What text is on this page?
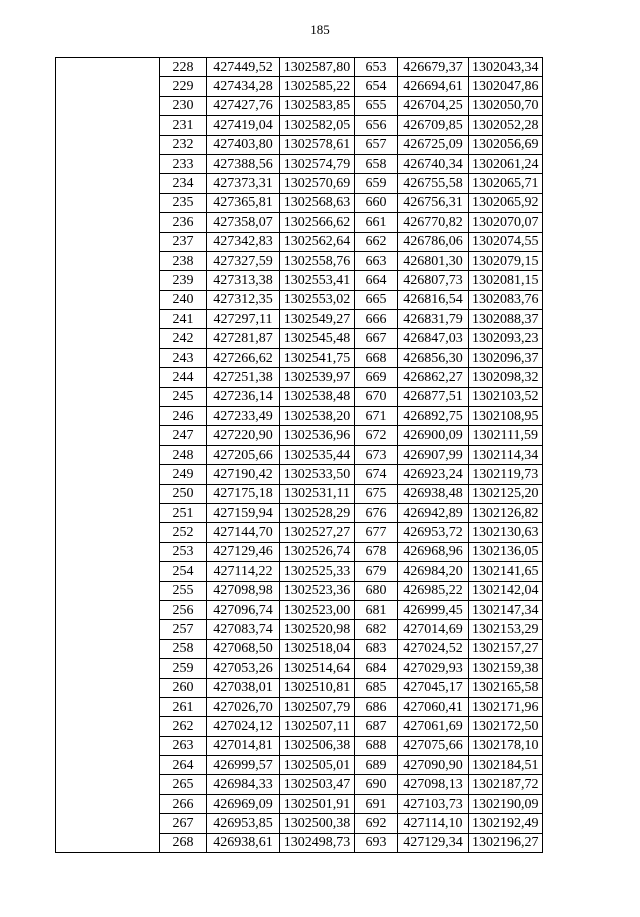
185
	228	427449,52	1302587,80	653	426679,37	1302043,34
	229	427434,28	1302585,22	654	426694,61	1302047,86
	230	427427,76	1302583,85	655	426704,25	1302050,70
	231	427419,04	1302582,05	656	426709,85	1302052,28
	232	427403,80	1302578,61	657	426725,09	1302056,69
	233	427388,56	1302574,79	658	426740,34	1302061,24
	234	427373,31	1302570,69	659	426755,58	1302065,71
	235	427365,81	1302568,63	660	426756,31	1302065,92
	236	427358,07	1302566,62	661	426770,82	1302070,07
	237	427342,83	1302562,64	662	426786,06	1302074,55
	238	427327,59	1302558,76	663	426801,30	1302079,15
	239	427313,38	1302553,41	664	426807,73	1302081,15
	240	427312,35	1302553,02	665	426816,54	1302083,76
	241	427297,11	1302549,27	666	426831,79	1302088,37
	242	427281,87	1302545,48	667	426847,03	1302093,23
	243	427266,62	1302541,75	668	426856,30	1302096,37
	244	427251,38	1302539,97	669	426862,27	1302098,32
	245	427236,14	1302538,48	670	426877,51	1302103,52
	246	427233,49	1302538,20	671	426892,75	1302108,95
	247	427220,90	1302536,96	672	426900,09	1302111,59
	248	427205,66	1302535,44	673	426907,99	1302114,34
	249	427190,42	1302533,50	674	426923,24	1302119,73
	250	427175,18	1302531,11	675	426938,48	1302125,20
	251	427159,94	1302528,29	676	426942,89	1302126,82
	252	427144,70	1302527,27	677	426953,72	1302130,63
	253	427129,46	1302526,74	678	426968,96	1302136,05
	254	427114,22	1302525,33	679	426984,20	1302141,65
	255	427098,98	1302523,36	680	426985,22	1302142,04
	256	427096,74	1302523,00	681	426999,45	1302147,34
	257	427083,74	1302520,98	682	427014,69	1302153,29
	258	427068,50	1302518,04	683	427024,52	1302157,27
	259	427053,26	1302514,64	684	427029,93	1302159,38
	260	427038,01	1302510,81	685	427045,17	1302165,58
	261	427026,70	1302507,79	686	427060,41	1302171,96
	262	427024,12	1302507,11	687	427061,69	1302172,50
	263	427014,81	1302506,38	688	427075,66	1302178,10
	264	426999,57	1302505,01	689	427090,90	1302184,51
	265	426984,33	1302503,47	690	427098,13	1302187,72
	266	426969,09	1302501,91	691	427103,73	1302190,09
	267	426953,85	1302500,38	692	427114,10	1302192,49
	268	426938,61	1302498,73	693	427129,34	1302196,27
